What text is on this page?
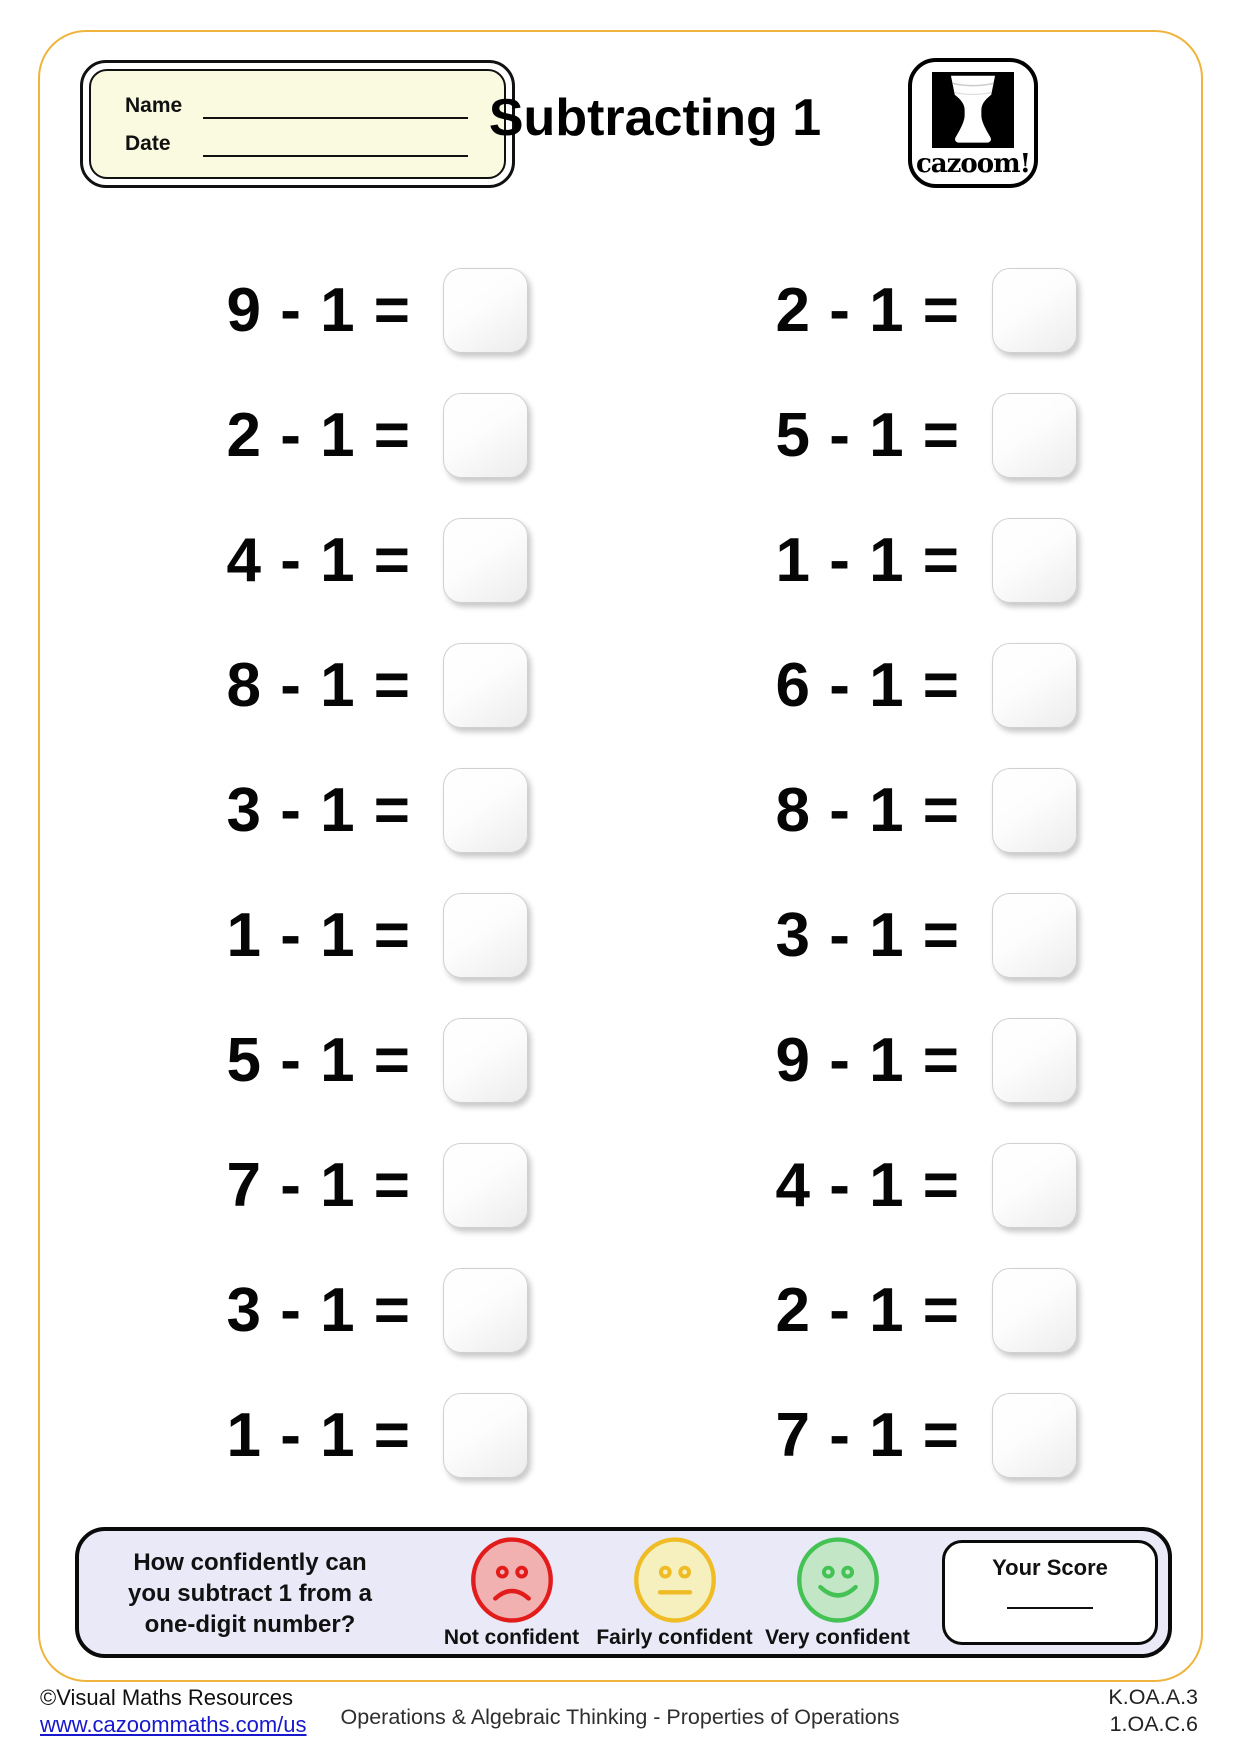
Name
Date	Subtracting 1
cazoom!
9 - 1 =	2 - 1 =
2 - 1 =	5 - 1 =
4 - 1 =	1 - 1 =
8 - 1 =	6 - 1 =
3 - 1 =	8 - 1 =
1 - 1 =	3 - 1 =
5 - 1 =	9 - 1 =
7 - 1 =	4 - 1 =
3 - 1 =	2 - 1 =
1 - 1 =	7 - 1 =
How confidently can
you subtract 1 from a
one-digit number?	Not confident Fairly confident Very confident
Your Score
©Visual Maths Resources
www.cazoommaths.com/us Operations & Algebraic Thinking - Properties of Operations
K.OA.A.3
1.OA.C.6
